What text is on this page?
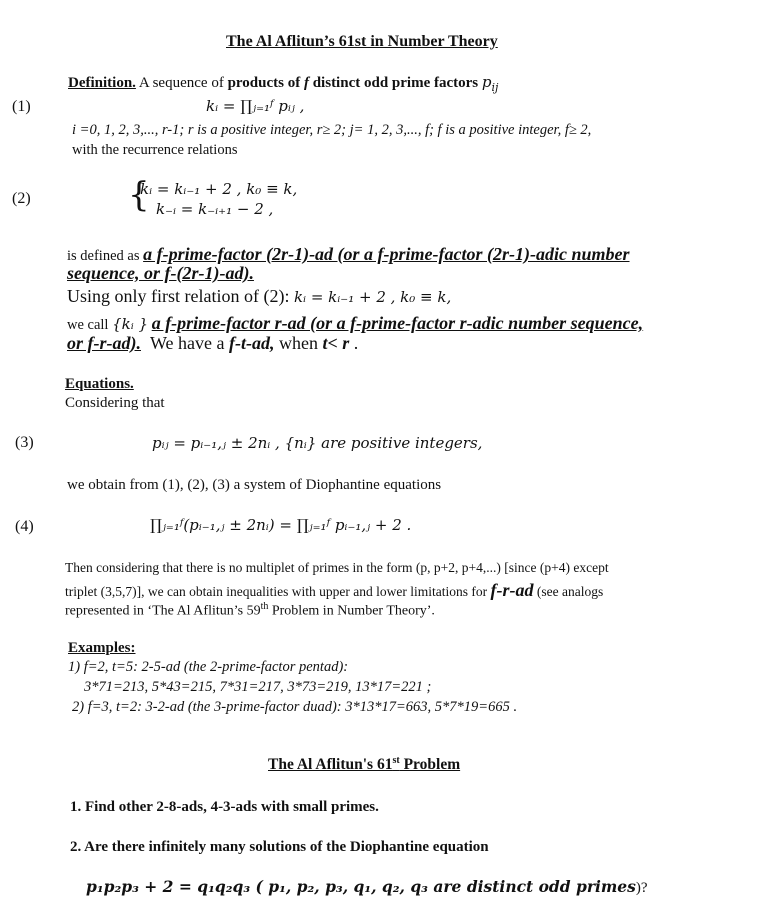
The Al Aflitun’s 61st in Number Theory
Definition. A sequence of products of f distinct odd prime factors $p_{ij}$
(1)	kᵢ = ∏ⱼ₌₁ᶠ pᵢⱼ ,
i =0, 1, 2, 3,..., r-1; r is a positive integer, r≥ 2; j= 1, 2, 3,..., f; f is a positive integer, f≥ 2,
with the recurrence relations
(2)	{
kᵢ = kᵢ₋₁ + 2 , k₀ ≡ k,
k₋ᵢ = k₋ᵢ₊₁ − 2 ,
is defined as a f-prime-factor (2r-1)-ad (or a f-prime-factor (2r-1)-adic number
sequence, or f-(2r-1)-ad).
Using only first relation of (2): kᵢ = kᵢ₋₁ + 2 , k₀ ≡ k,
we call {kᵢ } a f-prime-factor r-ad (or a f-prime-factor r-adic number sequence,
or f-r-ad). We have a f-t-ad, when t< r .
Equations.
Considering that
(3)	pᵢⱼ = pᵢ₋₁,ⱼ ± 2nᵢ , {nᵢ} are positive integers,
we obtain from (1), (2), (3) a system of Diophantine equations
(4)	∏ⱼ₌₁ᶠ(pᵢ₋₁,ⱼ ± 2nᵢ) = ∏ⱼ₌₁ᶠ pᵢ₋₁,ⱼ + 2 .
Then considering that there is no multiplet of primes in the form (p, p+2, p+4,...) [since (p+4) except
triplet (3,5,7)], we can obtain inequalities with upper and lower limitations for f-r-ad (see analogs
represented in ‘The Al Aflitun’s 59th Problem in Number Theory’.
Examples:
1) f=2, t=5: 2-5-ad (the 2-prime-factor pentad):
3*71=213, 5*43=215, 7*31=217, 3*73=219, 13*17=221 ;
2) f=3, t=2: 3-2-ad (the 3-prime-factor duad): 3*13*17=663, 5*7*19=665 .
The Al Aflitun's 61st Problem
1. Find other 2-8-ads, 4-3-ads with small primes.
2. Are there infinitely many solutions of the Diophantine equation
p₁p₂p₃ + 2 = q₁q₂q₃ ( p₁, p₂, p₃, q₁, q₂, q₃ are distinct odd primes)?
